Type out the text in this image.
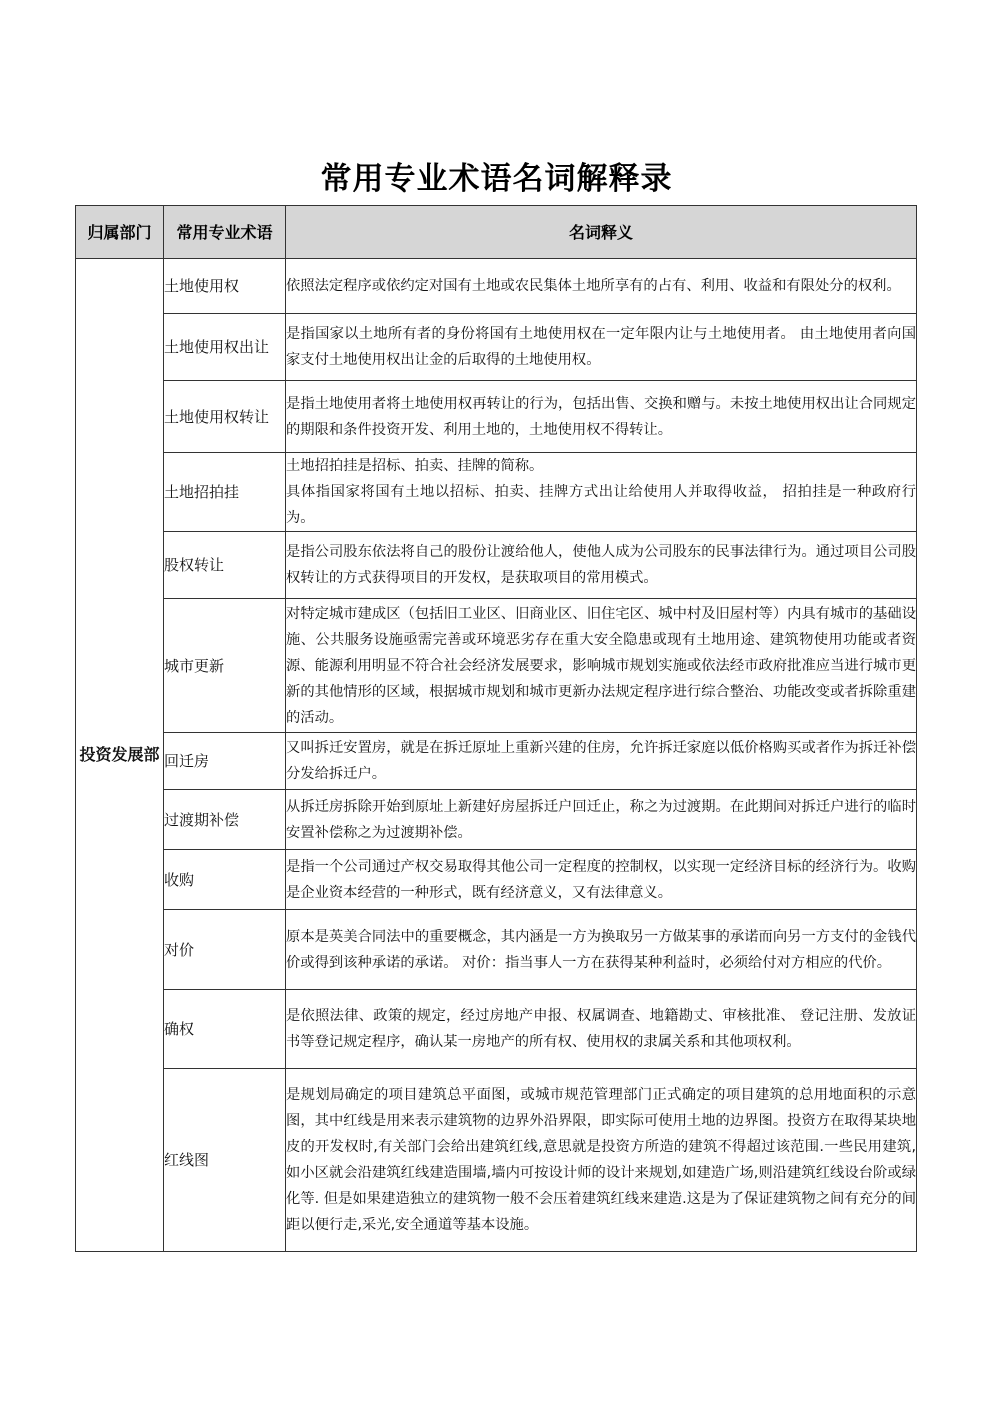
常用专业术语名词解释录
归属部门	常用专业术语	名词释义
投资发展部	土地使用权	依照法定程序或依约定对国有土地或农民集体土地所享有的占有、利用、收益和有限处分的权利。
	土地使用权出让	是指国家以土地所有者的身份将国有土地使用权在一定年限内让与土地使用者。 由土地使用者向国家支付土地使用权出让金的后取得的土地使用权。
	土地使用权转让	是指土地使用者将土地使用权再转让的行为，包括出售、交换和赠与。未按土地使用权出让合同规定的期限和条件投资开发、利用土地的，土地使用权不得转让。
	土地招拍挂	土地招拍挂是招标、拍卖、挂牌的简称。
具体指国家将国有土地以招标、拍卖、挂牌方式出让给使用人并取得收益， 招拍挂是一种政府行为。
	股权转让	是指公司股东依法将自己的股份让渡给他人，使他人成为公司股东的民事法律行为。通过项目公司股权转让的方式获得项目的开发权，是获取项目的常用模式。
	城市更新	对特定城市建成区（包括旧工业区、旧商业区、旧住宅区、城中村及旧屋村等）内具有城市的基础设施、公共服务设施亟需完善或环境恶劣存在重大安全隐患或现有土地用途、建筑物使用功能或者资源、能源利用明显不符合社会经济发展要求，影响城市规划实施或依法经市政府批准应当进行城市更新的其他情形的区域，根据城市规划和城市更新办法规定程序进行综合整治、功能改变或者拆除重建的活动。
	回迁房	又叫拆迁安置房，就是在拆迁原址上重新兴建的住房，允许拆迁家庭以低价格购买或者作为拆迁补偿分发给拆迁户。
	过渡期补偿	从拆迁房拆除开始到原址上新建好房屋拆迁户回迁止，称之为过渡期。在此期间对拆迁户进行的临时安置补偿称之为过渡期补偿。
	收购	是指一个公司通过产权交易取得其他公司一定程度的控制权，以实现一定经济目标的经济行为。收购是企业资本经营的一种形式，既有经济意义，又有法律意义。
	对价	原本是英美合同法中的重要概念，其内涵是一方为换取另一方做某事的承诺而向另一方支付的金钱代价或得到该种承诺的承诺。 对价：指当事人一方在获得某种利益时，必须给付对方相应的代价。
	确权	是依照法律、政策的规定，经过房地产申报、权属调查、地籍勘丈、审核批准、 登记注册、发放证书等登记规定程序，确认某一房地产的所有权、使用权的隶属关系和其他项权利。
	红线图	是规划局确定的项目建筑总平面图，或城市规范管理部门正式确定的项目建筑的总用地面积的示意图，其中红线是用来表示建筑物的边界外沿界限，即实际可使用土地的边界图。投资方在取得某块地皮的开发权时,有关部门会给出建筑红线,意思就是投资方所造的建筑不得超过该范围.一些民用建筑,如小区就会沿建筑红线建造围墙,墙内可按设计师的设计来规划,如建造广场,则沿建筑红线设台阶或绿化等. 但是如果建造独立的建筑物一般不会压着建筑红线来建造.这是为了保证建筑物之间有充分的间距以便行走,采光,安全通道等基本设施。
